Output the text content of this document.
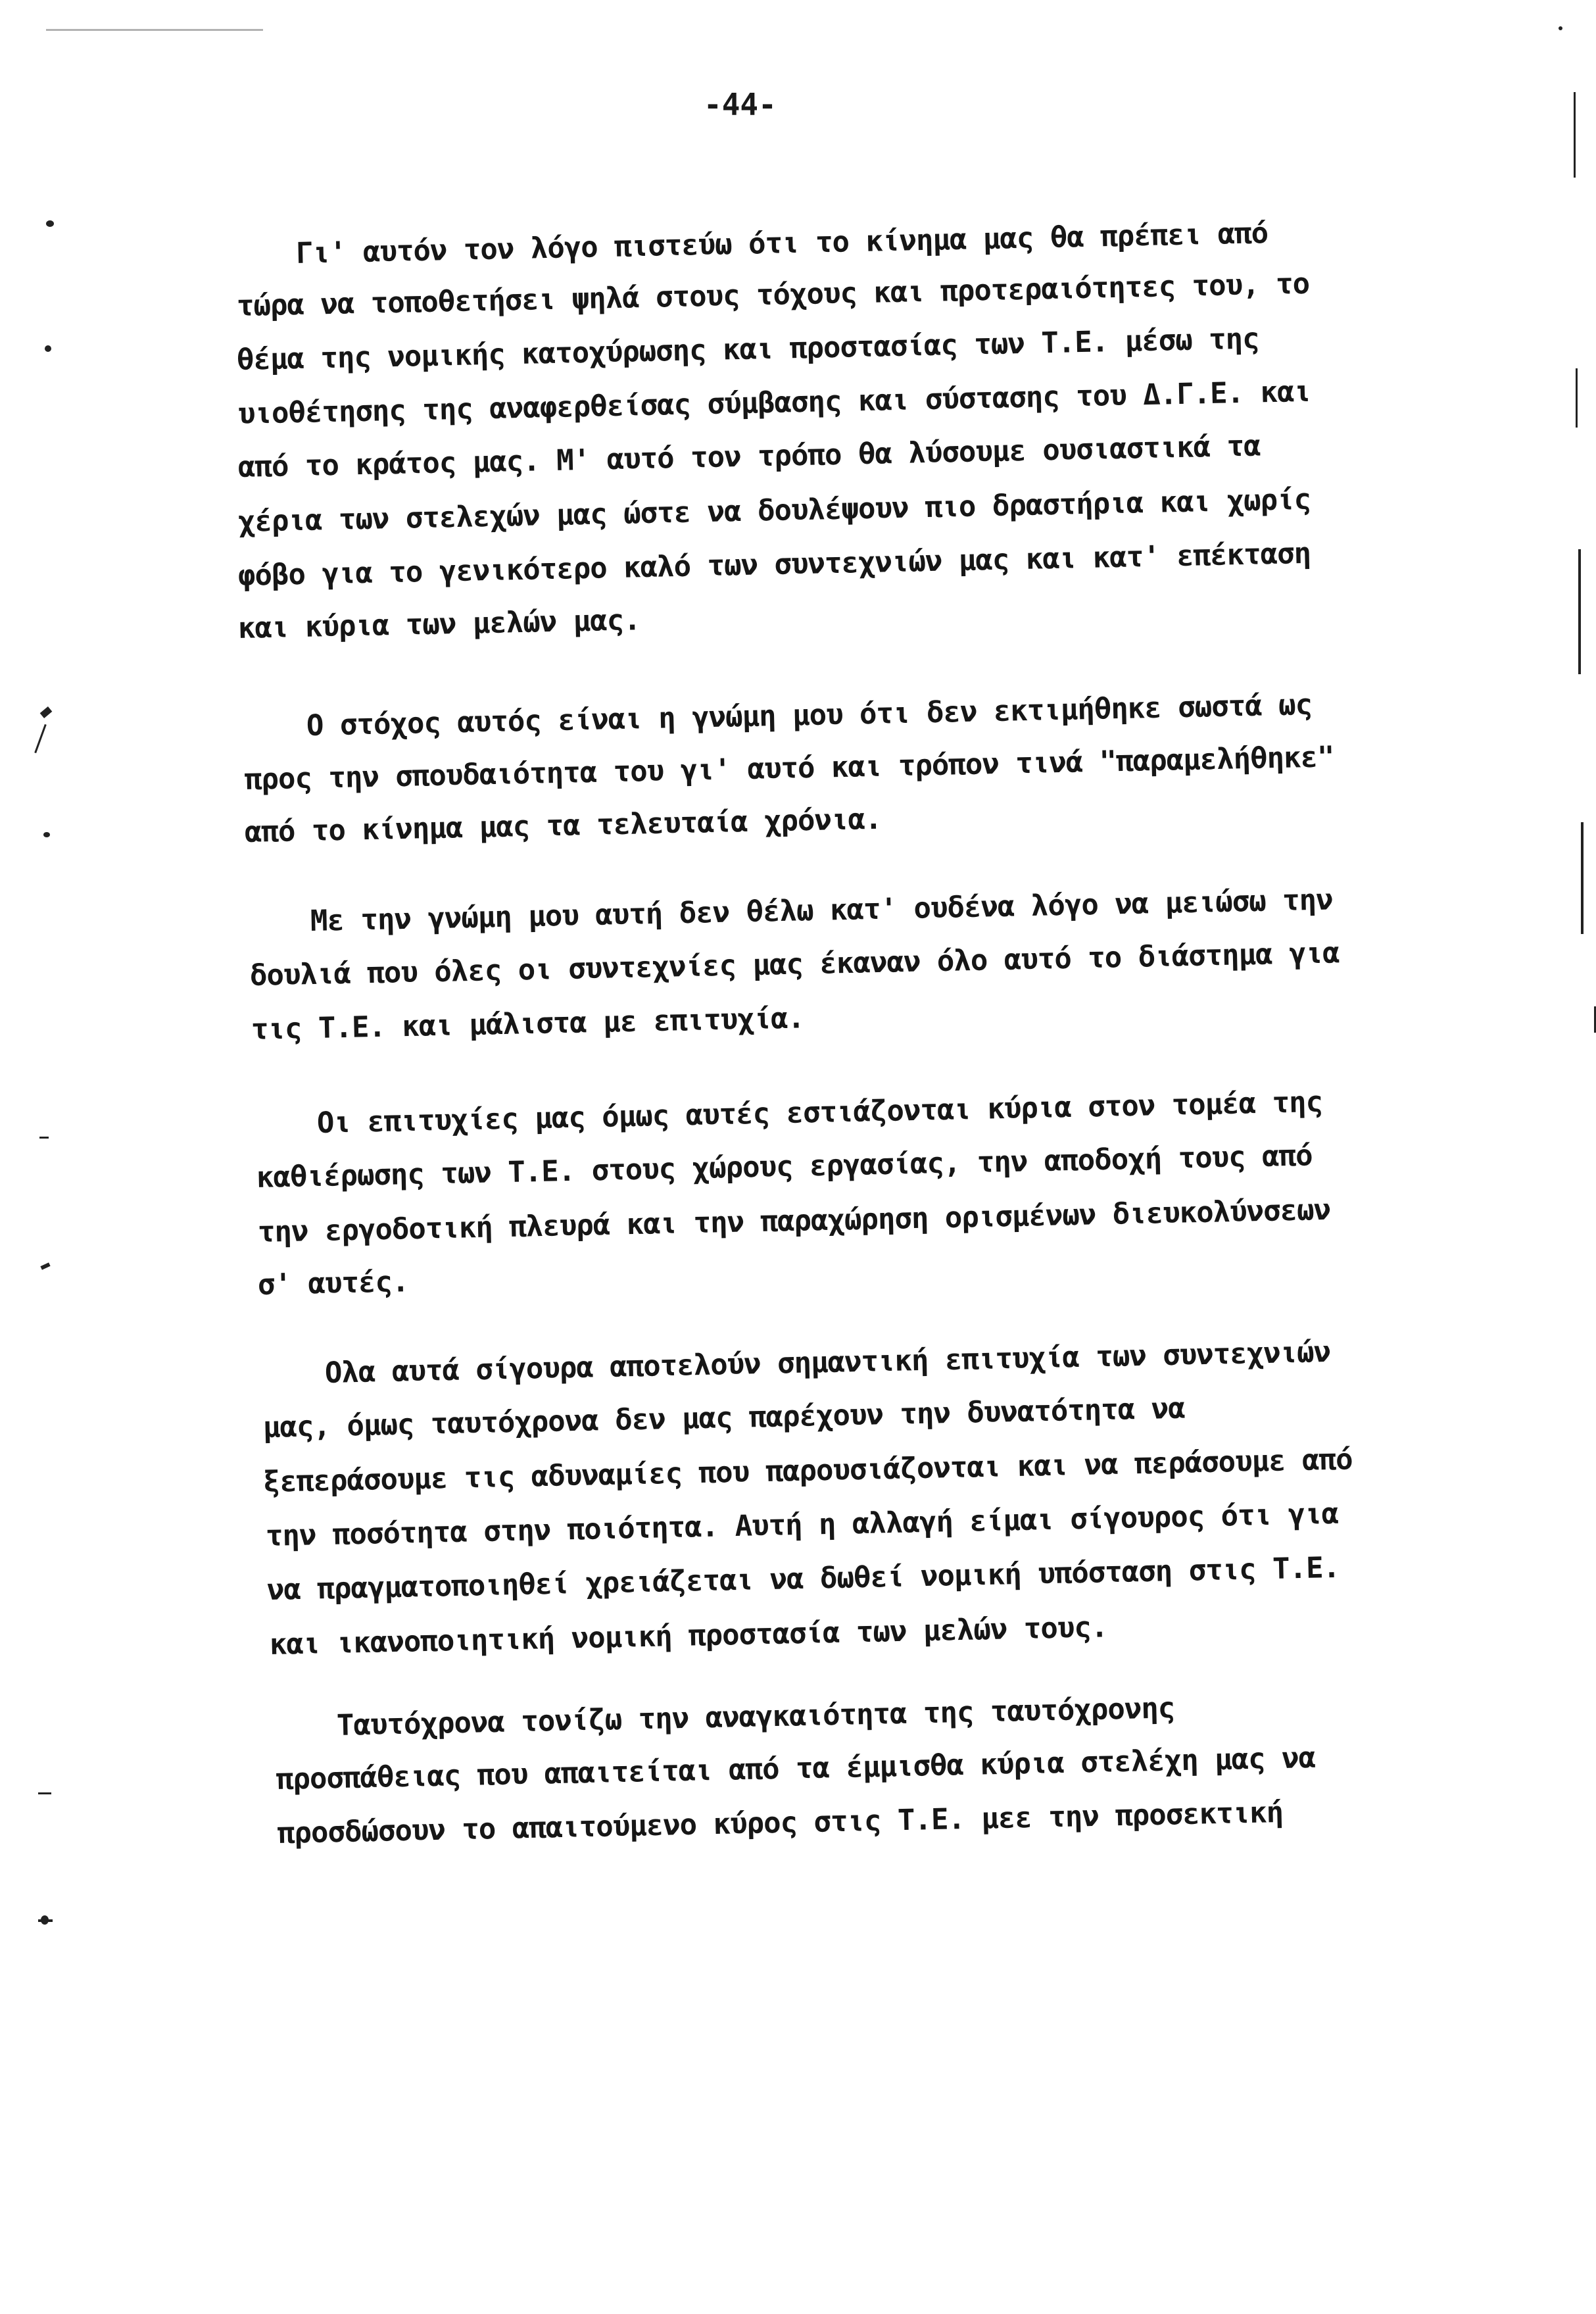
-44-
Γι' αυτόν τον λόγο πιστεύω ότι το κίνημα μας θα πρέπει από
τώρα να τοποθετήσει ψηλά στους τόχους και προτεραιότητες του, το
θέμα της νομικής κατοχύρωσης και προστασίας των Τ.Ε. μέσω της
υιοθέτησης της αναφερθείσας σύμβασης και σύστασης του Δ.Γ.Ε. και
από το κράτος μας. Μ' αυτό τον τρόπο θα λύσουμε ουσιαστικά τα
χέρια των στελεχών μας ώστε να δουλέψουν πιο δραστήρια και χωρίς
φόβο για το γενικότερο καλό των συντεχνιών μας και κατ' επέκταση
και κύρια των μελών μας.
Ο στόχος αυτός είναι η γνώμη μου ότι δεν εκτιμήθηκε σωστά ως
προς την σπουδαιότητα του γι' αυτό και τρόπον τινά "παραμελήθηκε"
από το κίνημα μας τα τελευταία χρόνια.
Με την γνώμη μου αυτή δεν θέλω κατ' ουδένα λόγο να μειώσω την
δουλιά που όλες οι συντεχνίες μας έκαναν όλο αυτό το διάστημα για
τις Τ.Ε. και μάλιστα με επιτυχία.
Οι επιτυχίες μας όμως αυτές εστιάζονται κύρια στον τομέα της
καθιέρωσης των Τ.Ε. στους χώρους εργασίας, την αποδοχή τους από
την εργοδοτική πλευρά και την παραχώρηση ορισμένων διευκολύνσεων
σ' αυτές.
Ολα αυτά σίγουρα αποτελούν σημαντική επιτυχία των συντεχνιών
μας, όμως ταυτόχρονα δεν μας παρέχουν την δυνατότητα να
ξεπεράσουμε τις αδυναμίες που παρουσιάζονται και να περάσουμε από
την ποσότητα στην ποιότητα. Αυτή η αλλαγή είμαι σίγουρος ότι για
να πραγματοποιηθεί χρειάζεται να δωθεί νομική υπόσταση στις Τ.Ε.
και ικανοποιητική νομική προστασία των μελών τους.
Ταυτόχρονα τονίζω την αναγκαιότητα της ταυτόχρονης
προσπάθειας που απαιτείται από τα έμμισθα κύρια στελέχη μας να
προσδώσουν το απαιτούμενο κύρος στις Τ.Ε. μεε την προσεκτική
